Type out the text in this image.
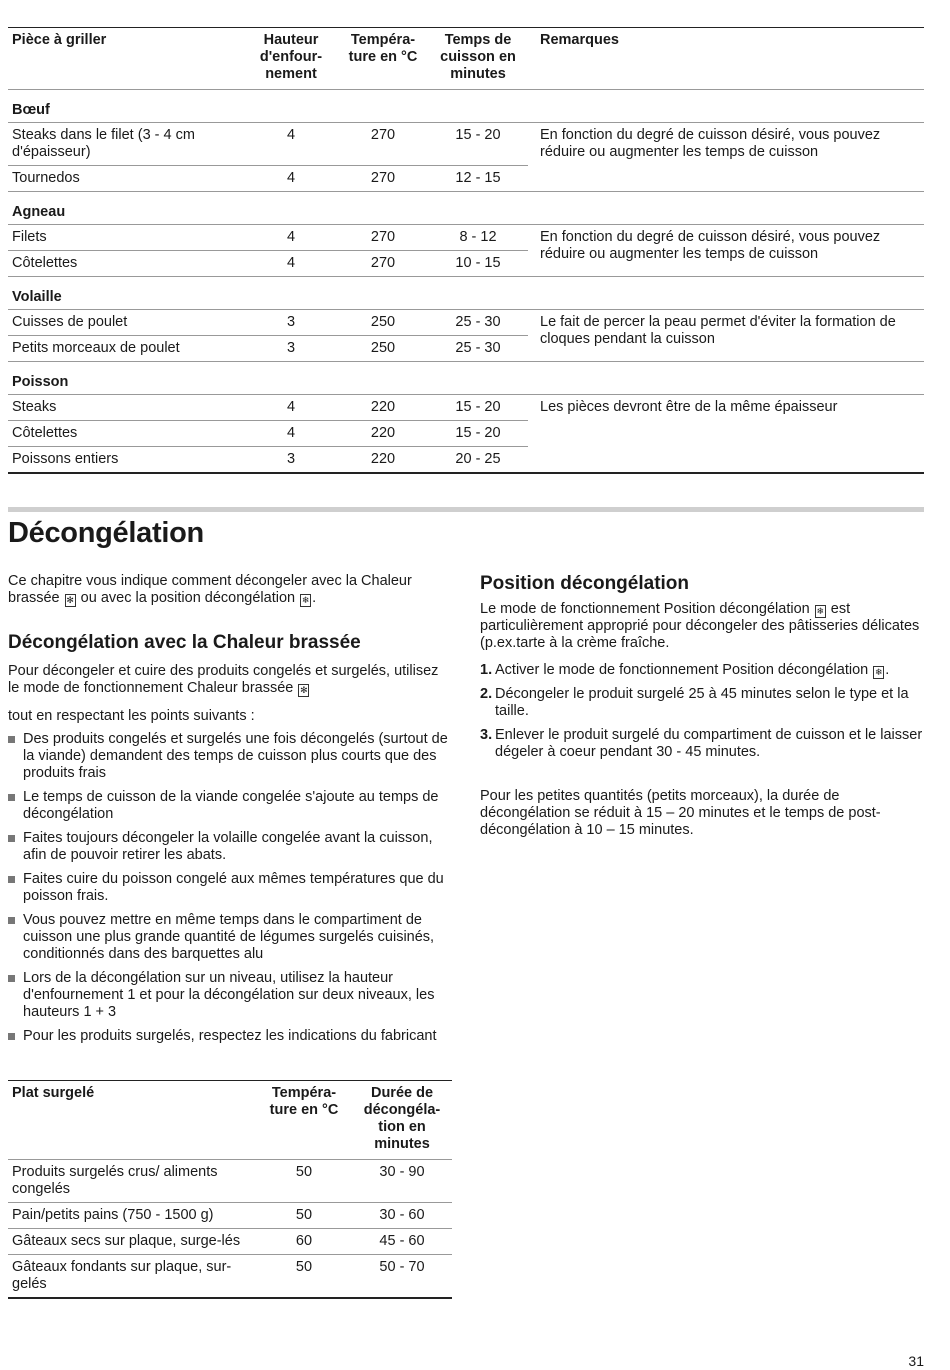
Pièce à griller	Hauteur d'enfour-nement	Tempéra-ture en °C	Temps de cuisson en minutes	Remarques
Bœuf				
Steaks dans le filet (3 - 4 cm d'épaisseur)	4	270	15 - 20	En fonction du degré de cuisson désiré, vous pouvez réduire ou augmenter les temps de cuisson
Tournedos	4	270	12 - 15	
Agneau				
Filets	4	270	8 - 12	En fonction du degré de cuisson désiré, vous pouvez réduire ou augmenter les temps de cuisson
Côtelettes	4	270	10 - 15	
Volaille				
Cuisses de poulet	3	250	25 - 30	Le fait de percer la peau permet d'éviter la formation de cloques pendant la cuisson
Petits morceaux de poulet	3	250	25 - 30	
Poisson				
Steaks	4	220	15 - 20	Les pièces devront être de la même épaisseur
Côtelettes	4	220	15 - 20	
Poissons entiers	3	220	20 - 25	
Décongélation
Ce chapitre vous indique comment décongeler avec la Chaleur brassée ✻ ou avec la position décongélation ❄ .
Décongélation avec la Chaleur brassée
Pour décongeler et cuire des produits congelés et surgelés, utilisez le mode de fonctionnement Chaleur brassée ✻
tout en respectant les points suivants :
Des produits congelés et surgelés une fois décongelés (surtout de la viande) demandent des temps de cuisson plus courts que des produits frais
Le temps de cuisson de la viande congelée s'ajoute au temps de décongélation
Faites toujours décongeler la volaille congelée avant la cuisson, afin de pouvoir retirer les abats.
Faites cuire du poisson congelé aux mêmes températures que du poisson frais.
Vous pouvez mettre en même temps dans le compartiment de cuisson une plus grande quantité de légumes surgelés cuisinés, conditionnés dans des barquettes alu
Lors de la décongélation sur un niveau, utilisez la hauteur d'enfournement 1 et pour la décongélation sur deux niveaux, les hauteurs 1 + 3
Pour les produits surgelés, respectez les indications du fabricant
Plat surgelé	Tempéra-ture en °C	Durée de décongéla-tion en minutes
Produits surgelés crus/ aliments congelés	50	30 - 90
Pain/petits pains (750 - 1500 g)	50	30 - 60
Gâteaux secs sur plaque, surge-lés	60	45 - 60
Gâteaux fondants sur plaque, sur-gelés	50	50 - 70
Position décongélation
Le mode de fonctionnement Position décongélation ❄ est particulièrement approprié pour décongeler des pâtisseries délicates (p.ex.tarte à la crème fraîche.
1. Activer le mode de fonctionnement Position décongélation ❄ .
2. Décongeler le produit surgelé 25 à 45 minutes selon le type et la taille.
3. Enlever le produit surgelé du compartiment de cuisson et le laisser dégeler à coeur pendant 30 - 45 minutes.
Pour les petites quantités (petits morceaux), la durée de décongélation se réduit à 15 – 20 minutes et le temps de post-décongélation à 10 – 15 minutes.
31
